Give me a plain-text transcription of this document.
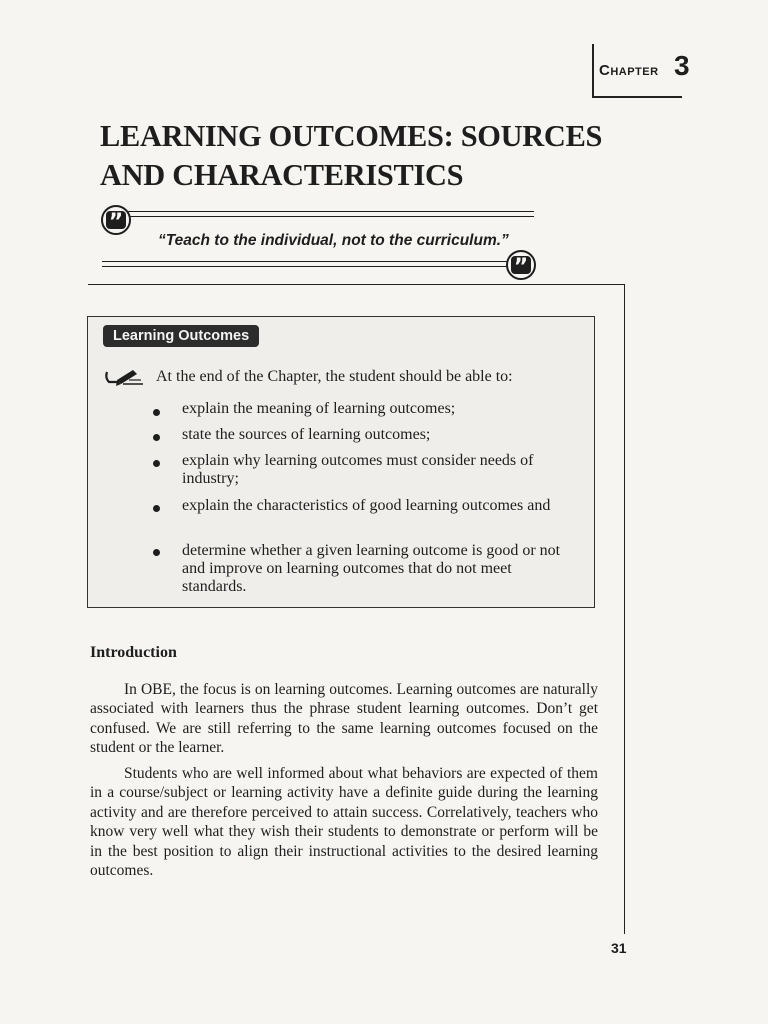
Chapter 3
LEARNING OUTCOMES: SOURCES
AND CHARACTERISTICS
”
“Teach to the individual, not to the curriculum.”
”
Learning Outcomes
At the end of the Chapter, the student should be able to:
explain the meaning of learning outcomes;
state the sources of learning outcomes;
explain why learning outcomes must consider needs of industry;
explain the characteristics of good learning outcomes and
determine whether a given learning outcome is good or not and improve on learning outcomes that do not meet standards.
Introduction

In OBE, the focus is on learning outcomes. Learning outcomes are naturally associated with learners thus the phrase student learning outcomes. Don’t get confused. We are still referring to the same learning outcomes focused on the student or the learner.

Students who are well informed about what behaviors are expected of them in a course/subject or learning activity have a definite guide during the learning activity and are therefore perceived to attain success. Correlatively, teachers who know very well what they wish their students to demonstrate or perform will be in the best position to align their instructional activities to the desired learning outcomes.

31
